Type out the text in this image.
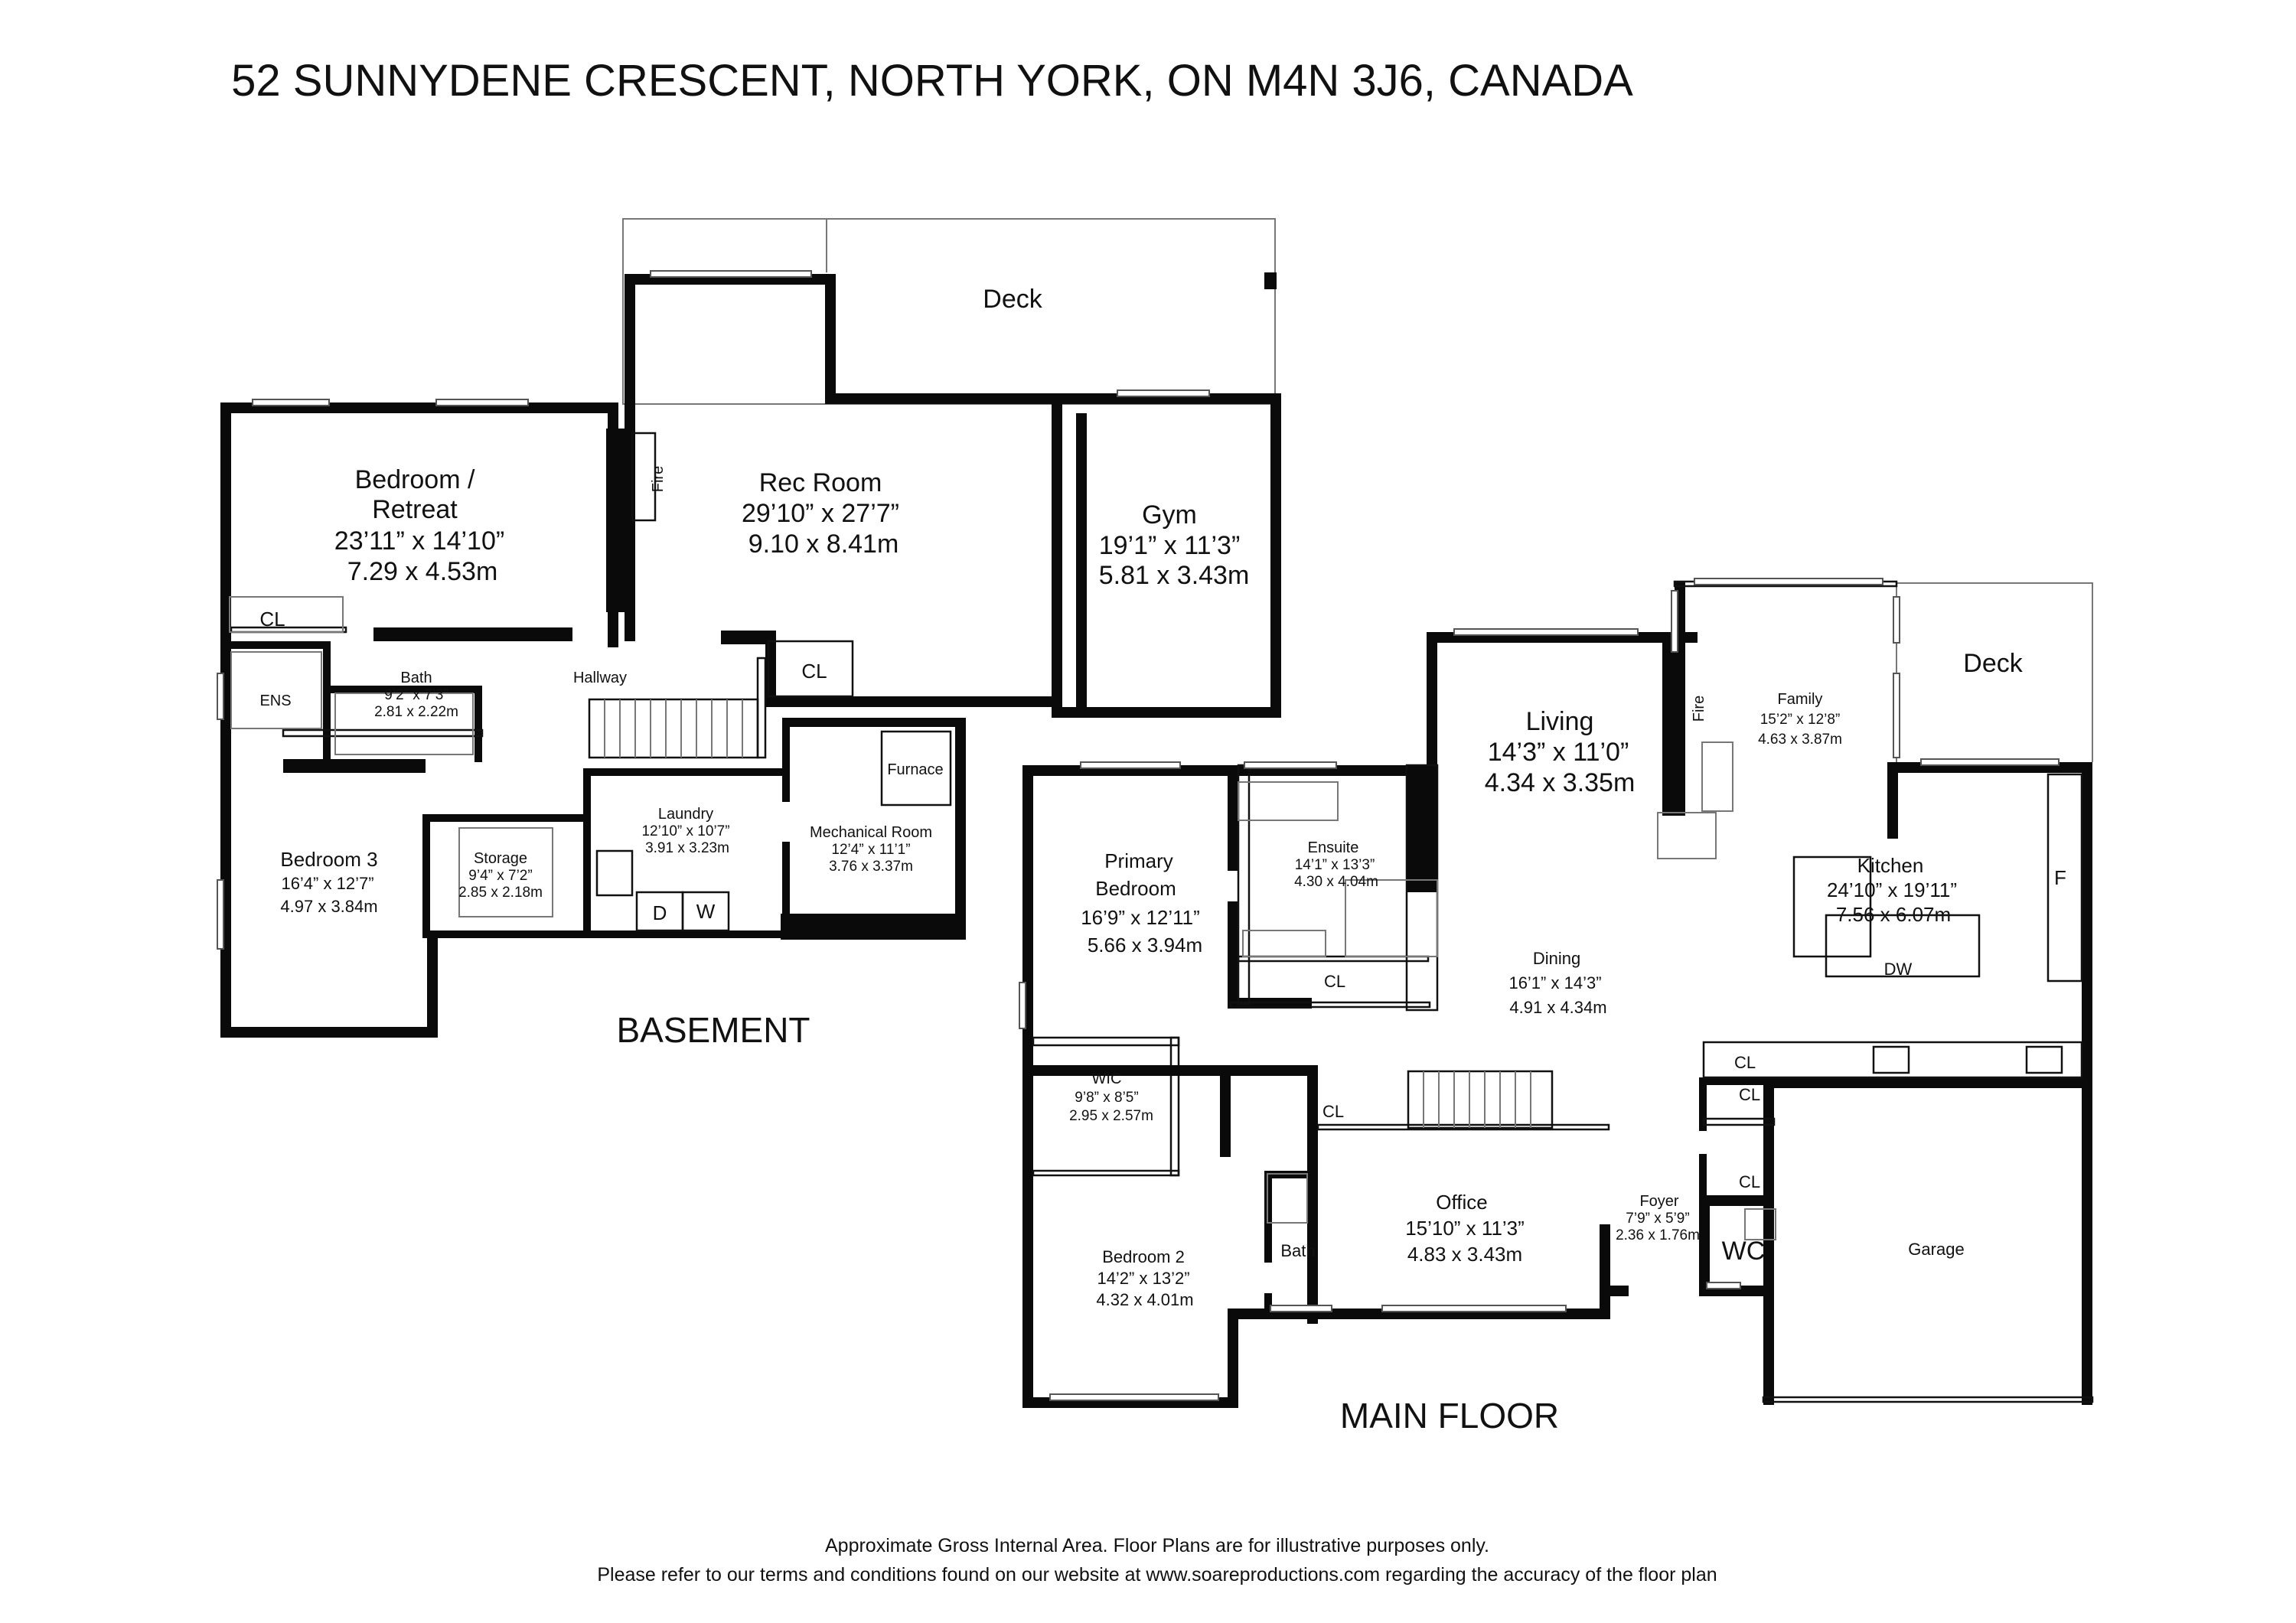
52 SUNNYDENE CRESCENT, NORTH YORK, ON M4N 3J6, CANADA
Bedroom /
Retreat
23’11” x 14’10”
7.29 x 4.53m
Rec Room
29’10” x 27’7”
9.10 x 8.41m
Gym
19’1” x 11’3”
5.81 x 3.43m
Deck
Fire
CL
CL
ENS
Bath
9’2” x 7’3”
2.81 x 2.22m
Hallway
Bedroom 3
16’4” x 12’7”
4.97 x 3.84m
Storage
9’4” x 7’2”
2.85 x 2.18m
Laundry
12’10” x 10’7”
3.91 x 3.23m
Mechanical Room
12’4” x 11’1”
3.76 x 3.37m
Furnace
D W
BASEMENT
Living
14’3” x 11’0”
4.34 x 3.35m
Family
15’2” x 12’8”
4.63 x 3.87m
Fire
Deck
Kitchen
24’10” x 19’11”
7.56 x 6.07m
F
DW
Primary
Bedroom
16’9” x 12’11”
5.66 x 3.94m
Ensuite
14’1” x 13’3”
4.30 x 4.04m
CL
Dining
16’1” x 14’3”
4.91 x 4.34m
WIC
9’8” x 8’5”
2.95 x 2.57m	CL
Bedroom 2
14’2” x 13’2”
4.32 x 4.01m
Bath
Office
15’10” x 11’3”
4.83 x 3.43m
Foyer
7’9” x 5’9”
2.36 x 1.76m
CL
CL
CL
WC	Garage
MAIN FLOOR
Approximate Gross Internal Area. Floor Plans are for illustrative purposes only.
Please refer to our terms and conditions found on our website at www.soareproductions.com regarding the accuracy of the floor plan
